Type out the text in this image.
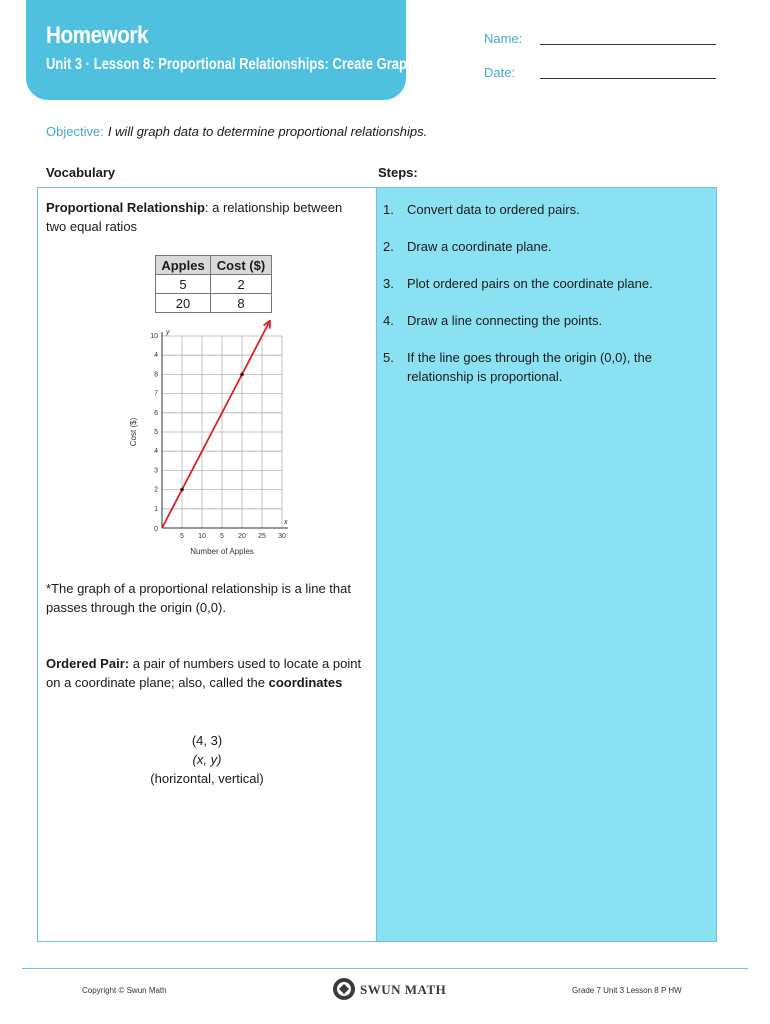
Homework
Unit 3 · Lesson 8: Proportional Relationships: Create Graphs
Name:
Date:
Objective: I will graph data to determine proportional relationships.
Vocabulary	Steps:
Proportional Relationship: a relationship between two equal ratios
Apples	Cost ($)
5	2
20	8
5 10 5 20 25 30
1
2
3
4
5
6
7
8
4
10
0
y
x
Number of Apples
Cost ($)
*The graph of a proportional relationship is a line that passes through the origin (0,0).
Ordered Pair: a pair of numbers used to locate a point on a coordinate plane; also, called the coordinates
(4, 3)
(x, y)
(horizontal, vertical)
1. Convert data to ordered pairs.
2. Draw a coordinate plane.
3. Plot ordered pairs on the coordinate plane.
4. Draw a line connecting the points.
5. If the line goes through the origin (0,0), the relationship is proportional.
Copyright © Swun Math	SWUN MATH	Grade 7 Unit 3 Lesson 8 P HW
